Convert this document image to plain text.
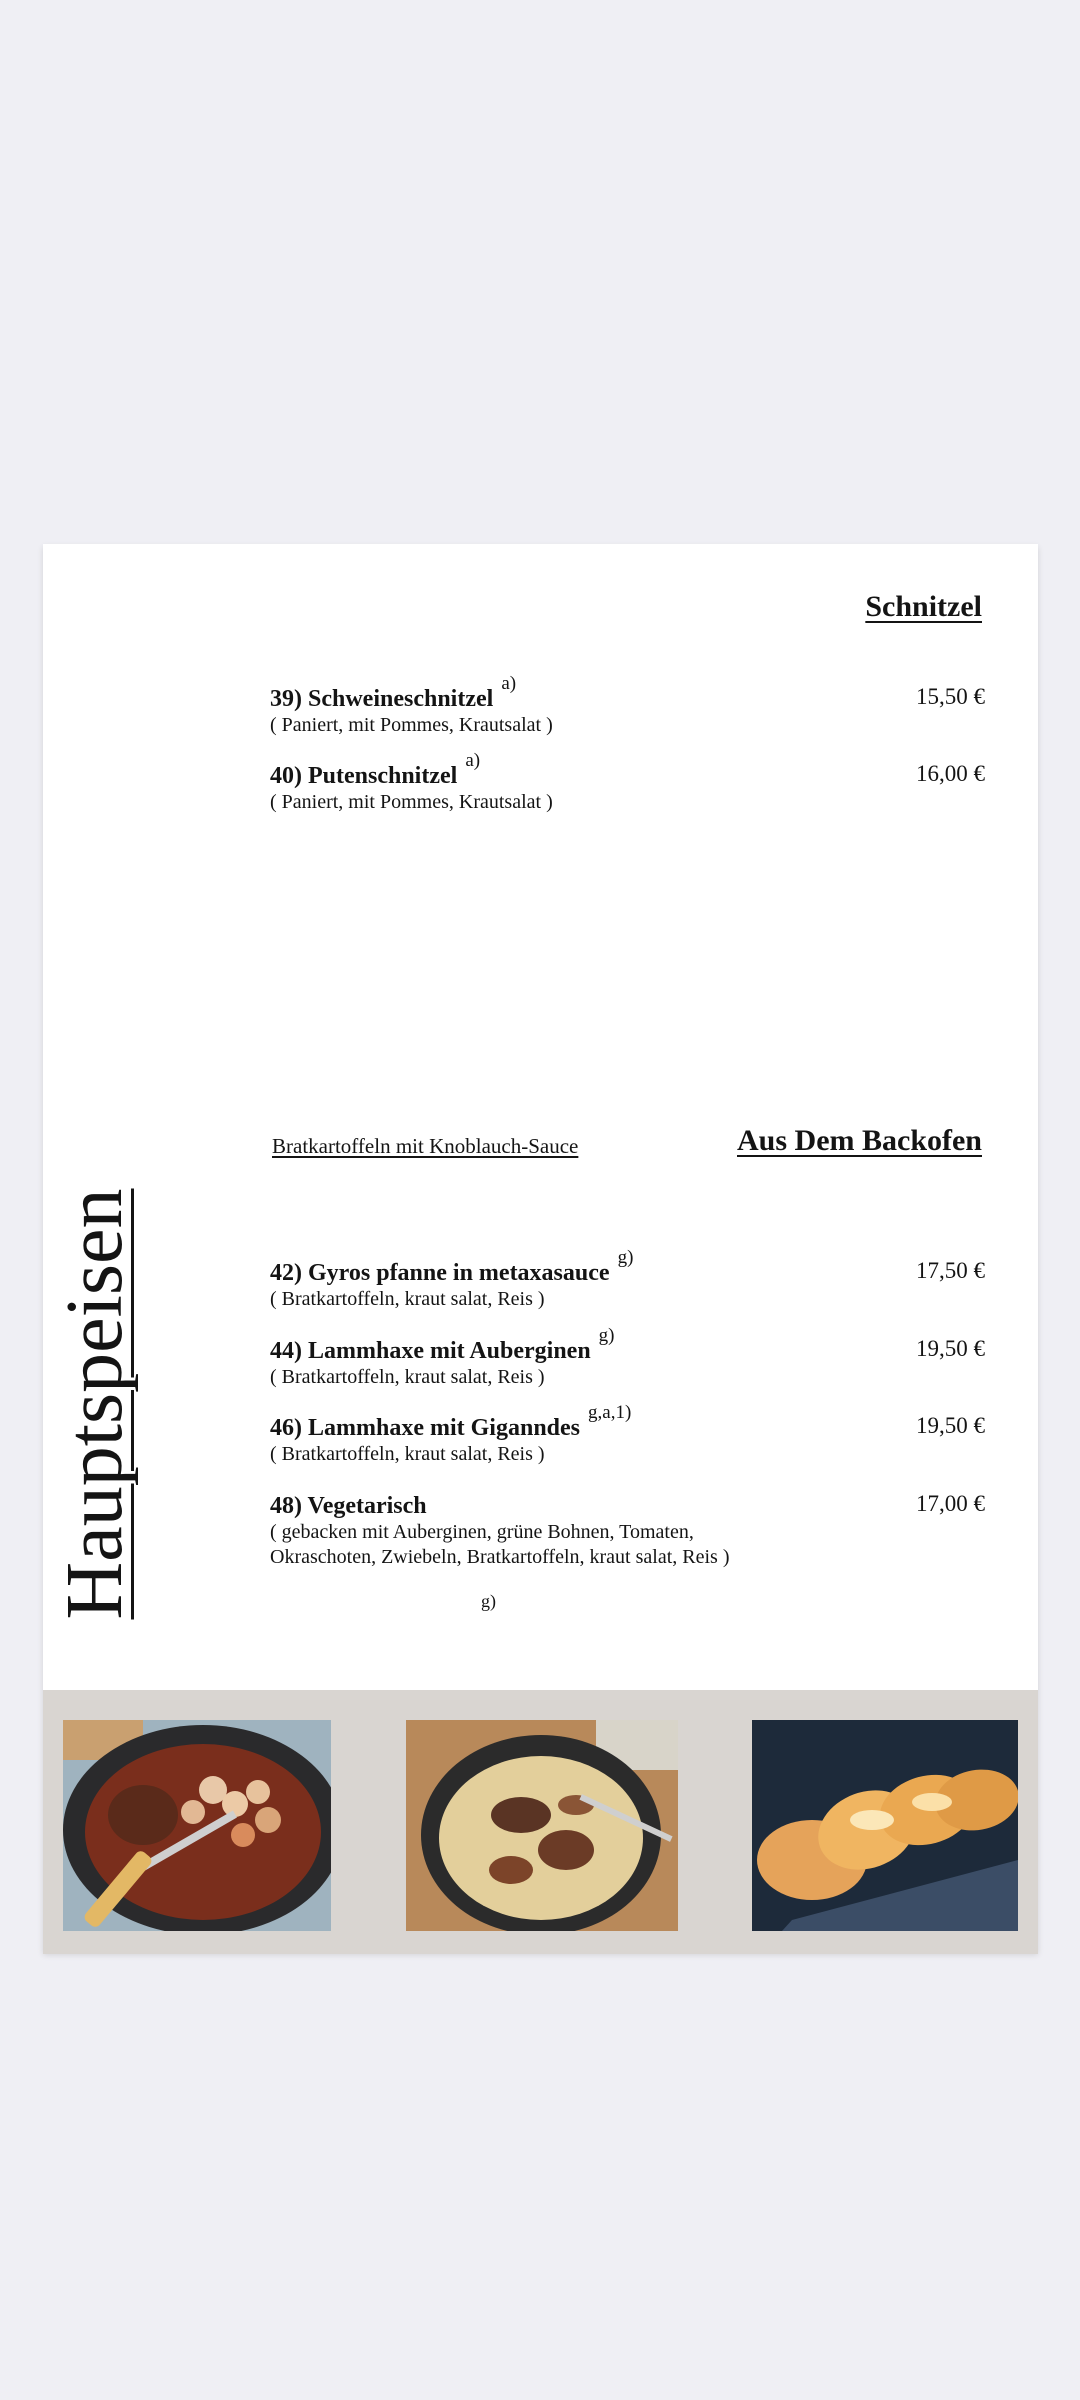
Hauptspeisen
Schnitzel
39) Schweineschnitzela)
( Paniert, mit Pommes, Krautsalat )
15,50 €
40) Putenschnitzela)
( Paniert, mit Pommes, Krautsalat )
16,00 €
Bratkartoffeln mit Knoblauch-Sauce	Aus Dem Backofen
42) Gyros pfanne in metaxasauceg)
( Bratkartoffeln, kraut salat, Reis )
17,50 €
44) Lammhaxe mit Aubergineng)
( Bratkartoffeln, kraut salat, Reis )
19,50 €
46) Lammhaxe mit Giganndesg,a,1)
( Bratkartoffeln, kraut salat, Reis )
19,50 €
48) Vegetarisch
( gebacken mit Auberginen, grüne Bohnen, Tomaten, Okraschoten, Zwiebeln, Bratkartoffeln, kraut salat, Reis )
17,00 €
g)
